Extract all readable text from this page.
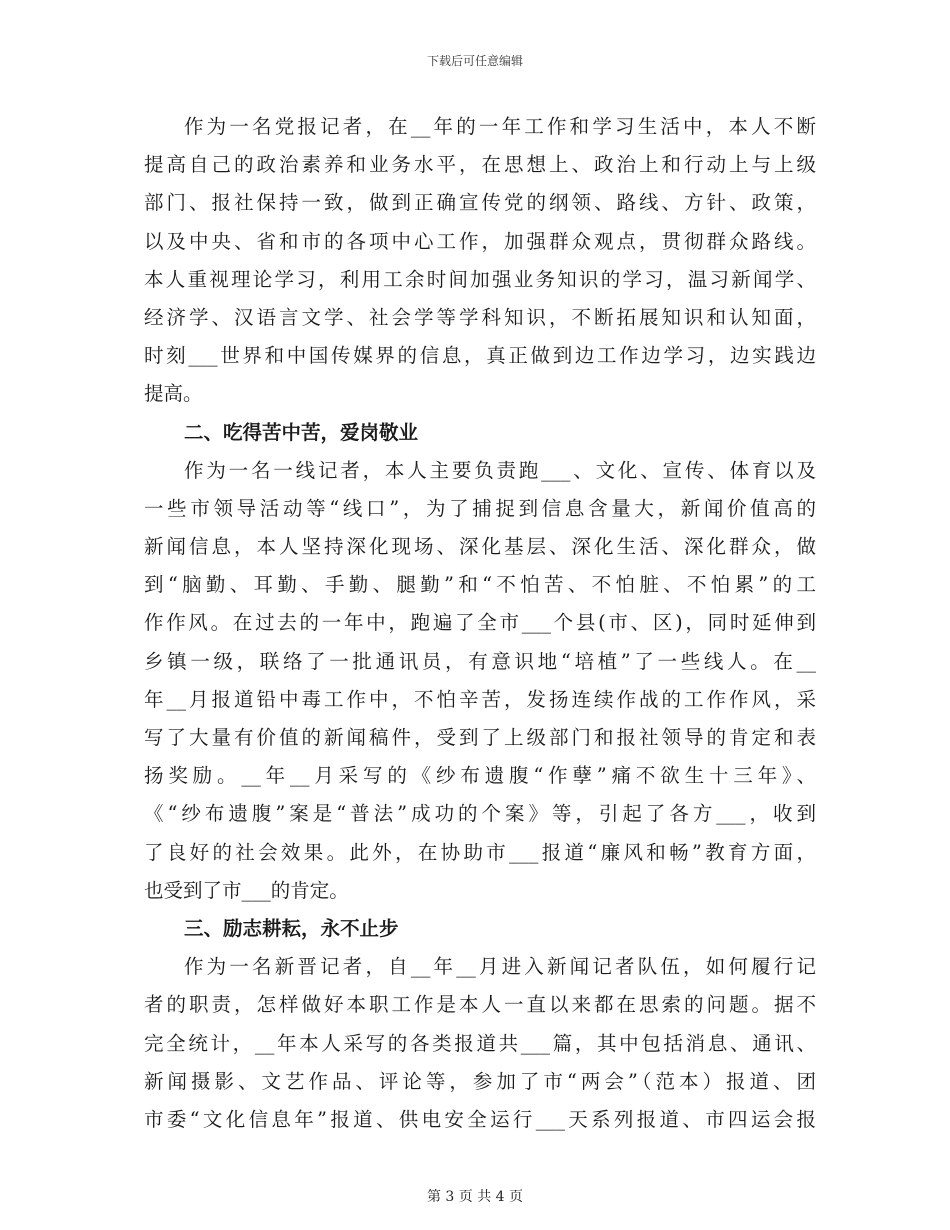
下载后可任意编辑
作为一名党报记者，在__年的一年工作和学习生活中，本人不断
提高自己的政治素养和业务水平，在思想上、政治上和行动上与上级
部门、报社保持一致，做到正确宣传党的纲领、路线、方针、政策，
以及中央、省和市的各项中心工作，加强群众观点，贯彻群众路线。
本人重视理论学习，利用工余时间加强业务知识的学习，温习新闻学、
经济学、汉语言文学、社会学等学科知识，不断拓展知识和认知面，
时刻___世界和中国传媒界的信息，真正做到边工作边学习，边实践边
提高。
二、吃得苦中苦，爱岗敬业
作为一名一线记者，本人主要负责跑___、文化、宣传、体育以及
一些市领导活动等“线口”，为了捕捉到信息含量大，新闻价值高的
新闻信息，本人坚持深化现场、深化基层、深化生活、深化群众，做
到“脑勤、耳勤、手勤、腿勤”和“不怕苦、不怕脏、不怕累”的工
作作风。在过去的一年中，跑遍了全市___个县(市、区)，同时延伸到
乡镇一级，联络了一批通讯员，有意识地“培植”了一些线人。在__
年__月报道铅中毒工作中，不怕辛苦，发扬连续作战的工作作风，采
写了大量有价值的新闻稿件，受到了上级部门和报社领导的肯定和表
扬奖励。__年__月采写的《纱布遗腹“作孽”痛不欲生十三年》、
《“纱布遗腹”案是“普法”成功的个案》等，引起了各方___，收到
了良好的社会效果。此外，在协助市___报道“廉风和畅”教育方面，
也受到了市___的肯定。
三、励志耕耘，永不止步
作为一名新晋记者，自__年__月进入新闻记者队伍，如何履行记
者的职责，怎样做好本职工作是本人一直以来都在思索的问题。据不
完全统计，__年本人采写的各类报道共___篇，其中包括消息、通讯、
新闻摄影、文艺作品、评论等，参加了市“两会”（范本）报道、团
市委“文化信息年”报道、供电安全运行___天系列报道、市四运会报
第 3 页 共 4 页
